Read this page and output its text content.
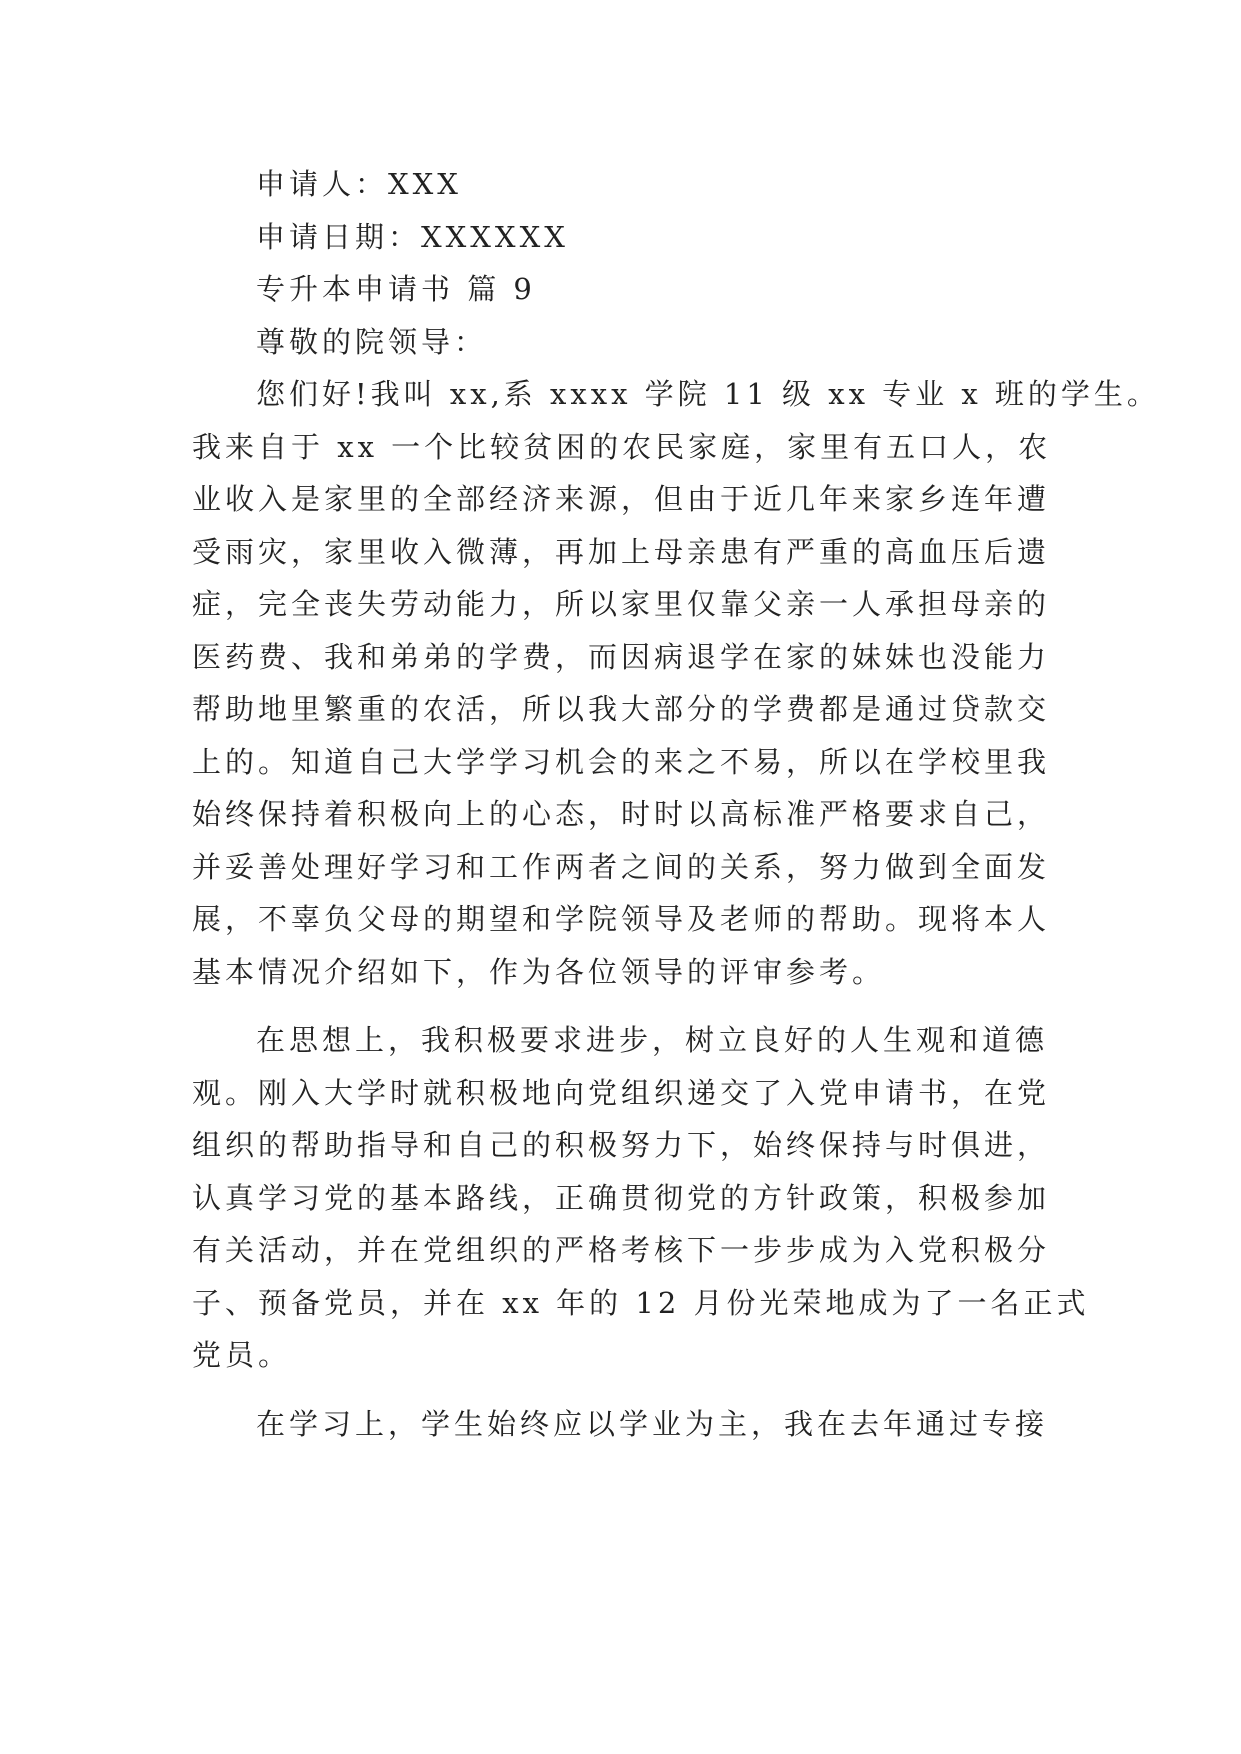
申请人：XXX
申请日期：XXXXXX
专升本申请书 篇 9
尊敬的院领导：
您们好!我叫 xx,系 xxxx 学院 11 级 xx 专业 x 班的学生。
我来自于 xx 一个比较贫困的农民家庭，家里有五口人，农
业收入是家里的全部经济来源，但由于近几年来家乡连年遭
受雨灾，家里收入微薄，再加上母亲患有严重的高血压后遗
症，完全丧失劳动能力，所以家里仅靠父亲一人承担母亲的
医药费、我和弟弟的学费，而因病退学在家的妹妹也没能力
帮助地里繁重的农活，所以我大部分的学费都是通过贷款交
上的。知道自己大学学习机会的来之不易，所以在学校里我
始终保持着积极向上的心态，时时以高标准严格要求自己，
并妥善处理好学习和工作两者之间的关系，努力做到全面发
展，不辜负父母的期望和学院领导及老师的帮助。现将本人
基本情况介绍如下，作为各位领导的评审参考。
在思想上，我积极要求进步，树立良好的人生观和道德
观。刚入大学时就积极地向党组织递交了入党申请书，在党
组织的帮助指导和自己的积极努力下，始终保持与时俱进，
认真学习党的基本路线，正确贯彻党的方针政策，积极参加
有关活动，并在党组织的严格考核下一步步成为入党积极分
子、预备党员，并在 xx 年的 12 月份光荣地成为了一名正式
党员。
在学习上，学生始终应以学业为主，我在去年通过专接
